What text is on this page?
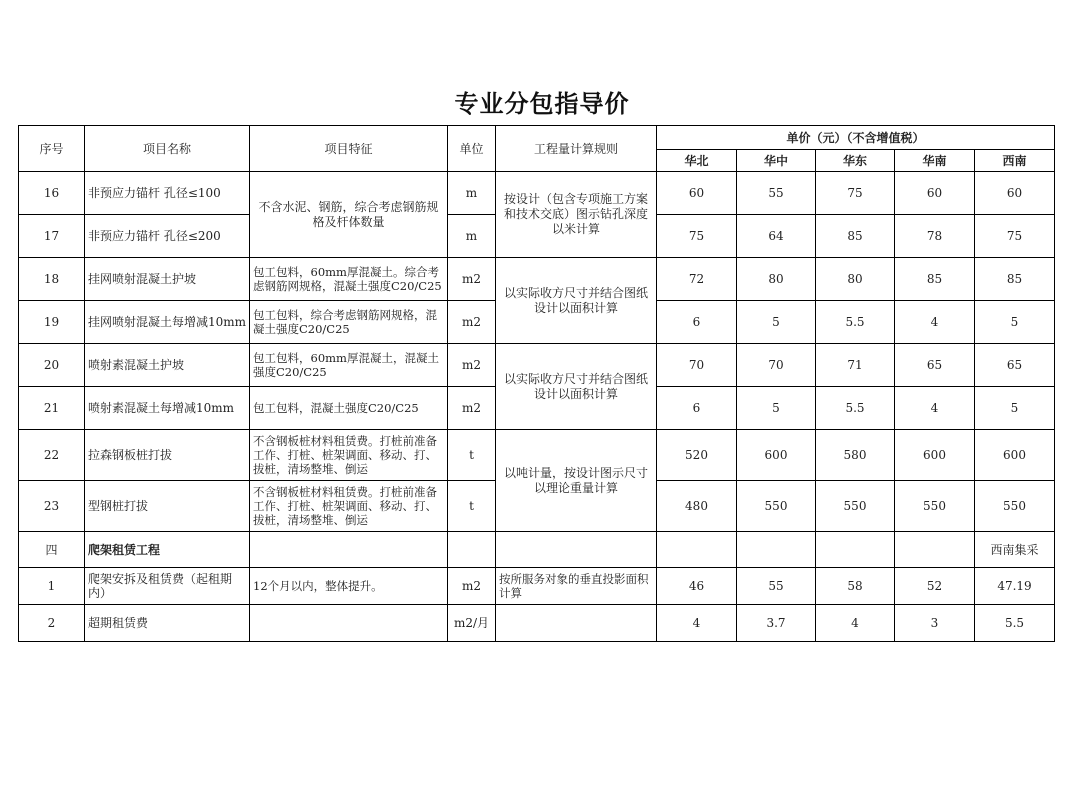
专业分包指导价
序号	项目名称	项目特征	单位	工程量计算规则	单价（元）（不含增值税）				
					华北	华中	华东	华南	西南
16	非预应力锚杆 孔径≤100	不含水泥、钢筋，综合考虑钢筋规格及杆体数量	m	按设计（包含专项施工方案和技术交底）图示钻孔深度以米计算	60	55	75	60	60
17	非预应力锚杆 孔径≤200		m		75	64	85	78	75
18	挂网喷射混凝土护坡	包工包料，60mm厚混凝土。综合考虑钢筋网规格，混凝土强度C20/C25	m2	以实际收方尺寸并结合图纸设计以面积计算	72	80	80	85	85
19	挂网喷射混凝土每增减10mm	包工包料，综合考虑钢筋网规格，混凝土强度C20/C25	m2		6	5	5.5	4	5
20	喷射素混凝土护坡	包工包料，60mm厚混凝土，混凝土强度C20/C25	m2	以实际收方尺寸并结合图纸设计以面积计算	70	70	71	65	65
21	喷射素混凝土每增减10mm	包工包料，混凝土强度C20/C25	m2		6	5	5.5	4	5
22	拉森钢板桩打拔	不含钢板桩材料租赁费。打桩前准备工作、打桩、桩架调面、移动、打、拔桩，清场整堆、倒运	t	以吨计量，按设计图示尺寸以理论重量计算	520	600	580	600	600
23	型钢桩打拔	不含钢板桩材料租赁费。打桩前准备工作、打桩、桩架调面、移动、打、拔桩，清场整堆、倒运	t		480	550	550	550	550
四	爬架租赁工程								西南集采
1	爬架安拆及租赁费（起租期内）	12个月以内，整体提升。	m2	按所服务对象的垂直投影面积计算	46	55	58	52	47.19
2	超期租赁费		m2/月		4	3.7	4	3	5.5
